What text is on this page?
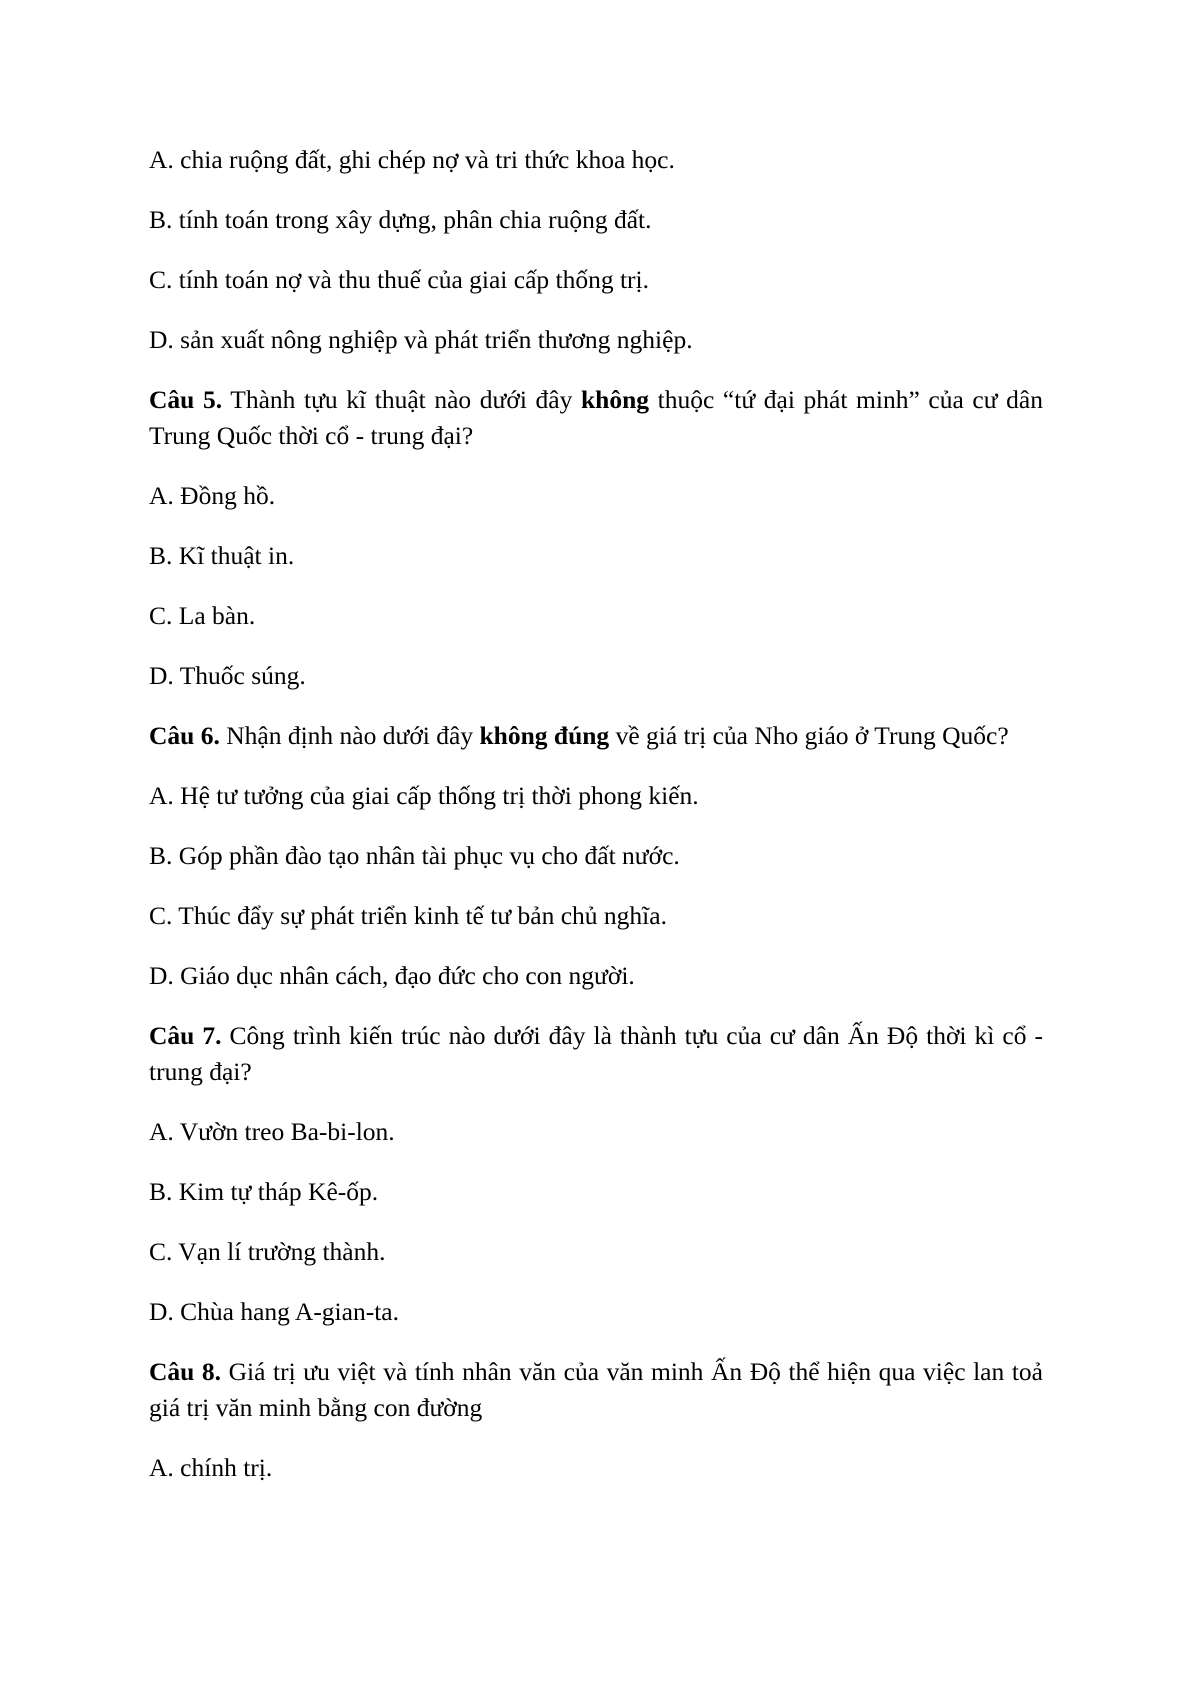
A. chia ruộng đất, ghi chép nợ và tri thức khoa học.
B. tính toán trong xây dựng, phân chia ruộng đất.
C. tính toán nợ và thu thuế của giai cấp thống trị.
D. sản xuất nông nghiệp và phát triển thương nghiệp.
Câu 5. Thành tựu kĩ thuật nào dưới đây không thuộc “tứ đại phát minh” của cư dân Trung Quốc thời cổ - trung đại?
A. Đồng hồ.
B. Kĩ thuật in.
C. La bàn.
D. Thuốc súng.
Câu 6. Nhận định nào dưới đây không đúng về giá trị của Nho giáo ở Trung Quốc?
A. Hệ tư tưởng của giai cấp thống trị thời phong kiến.
B. Góp phần đào tạo nhân tài phục vụ cho đất nước.
C. Thúc đẩy sự phát triển kinh tế tư bản chủ nghĩa.
D. Giáo dục nhân cách, đạo đức cho con người.
Câu 7. Công trình kiến trúc nào dưới đây là thành tựu của cư dân Ấn Độ thời kì cổ - trung đại?
A. Vườn treo Ba-bi-lon.
B. Kim tự tháp Kê-ốp.
C. Vạn lí trường thành.
D. Chùa hang A-gian-ta.
Câu 8. Giá trị ưu việt và tính nhân văn của văn minh Ấn Độ thể hiện qua việc lan toả giá trị văn minh bằng con đường
A. chính trị.
